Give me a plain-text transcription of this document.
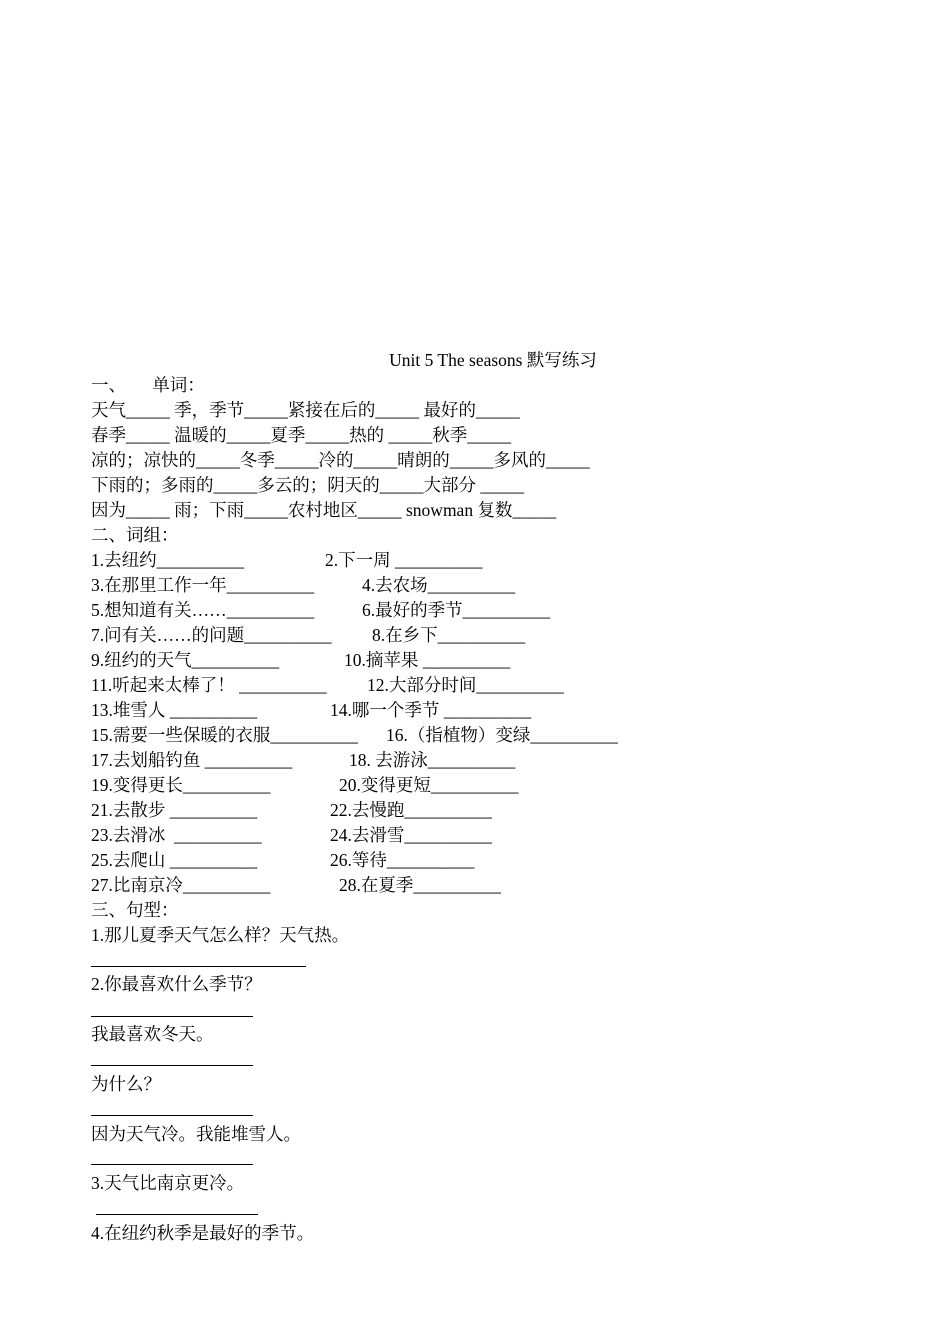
Unit 5 The seasons 默写练习
一、　　单词：
天气_____ 季，季节_____紧接在后的_____ 最好的_____
春季_____ 温暖的_____夏季_____热的 _____秋季_____
凉的；凉快的_____冬季_____冷的_____晴朗的_____多风的_____
下雨的；多雨的_____多云的；阴天的_____大部分 _____
因为_____ 雨；下雨_____农村地区_____ snowman 复数_____
二、词组：
1.去纽约__________	2.下一周 __________
3.在那里工作一年__________	4.去农场__________
5.想知道有关……__________	6.最好的季节__________
7.问有关……的问题__________ 8.在乡下__________
9.纽约的天气__________	10.摘苹果 __________
11.听起来太棒了！ __________ 12.大部分时间__________
13.堆雪人 __________	14.哪一个季节 __________
15.需要一些保暖的衣服__________ 16.（指植物）变绿__________
17.去划船钓鱼 __________	18. 去游泳__________
19.变得更长__________	20.变得更短__________
21.去散步 __________	22.去慢跑__________
23.去滑冰  __________	24.去滑雪__________
25.去爬山 __________	26.等待__________
27.比南京冷__________	28.在夏季__________
三、句型：
1.那儿夏季天气怎么样？天气热。
2.你最喜欢什么季节？
我最喜欢冬天。
为什么？
因为天气冷。我能堆雪人。
3.天气比南京更冷。
4.在纽约秋季是最好的季节。
